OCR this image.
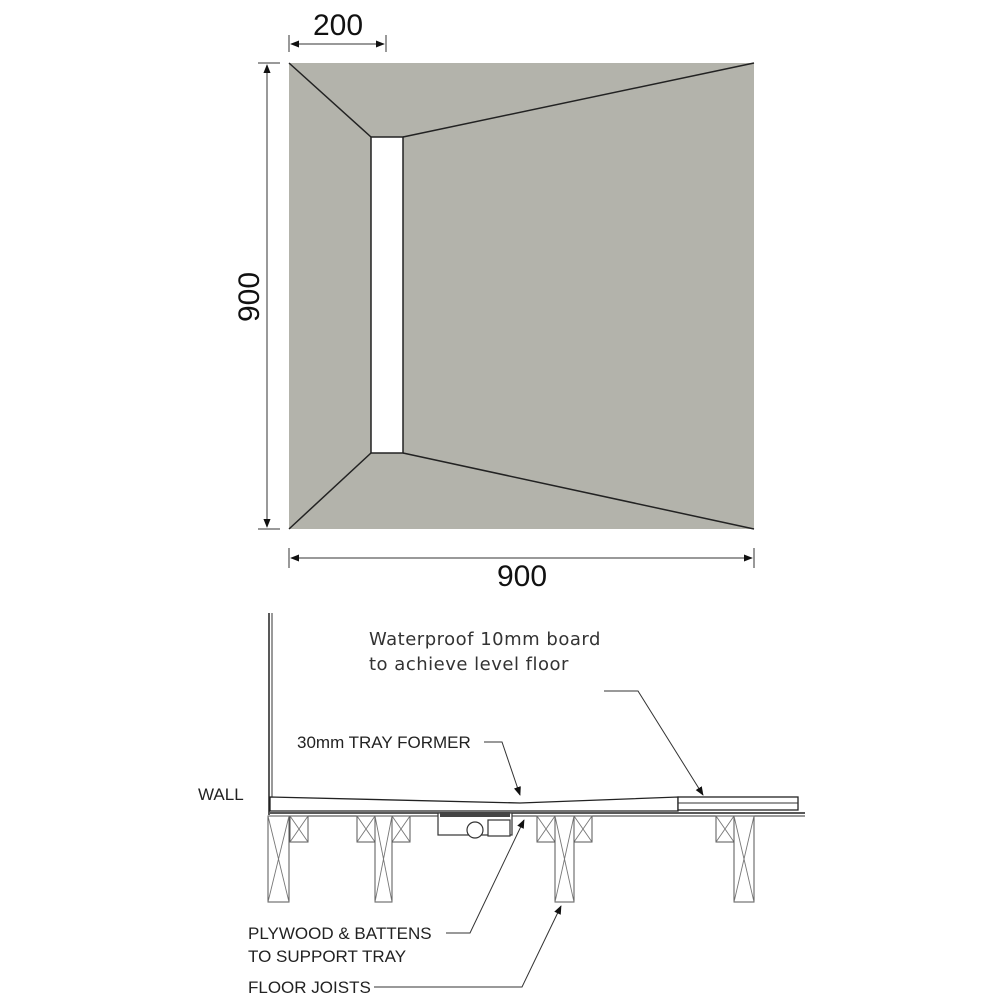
200
900
900
Waterproof 10mm board
to achieve level floor
30mm TRAY FORMER
WALL
PLYWOOD & BATTENS
TO SUPPORT TRAY
FLOOR JOISTS
